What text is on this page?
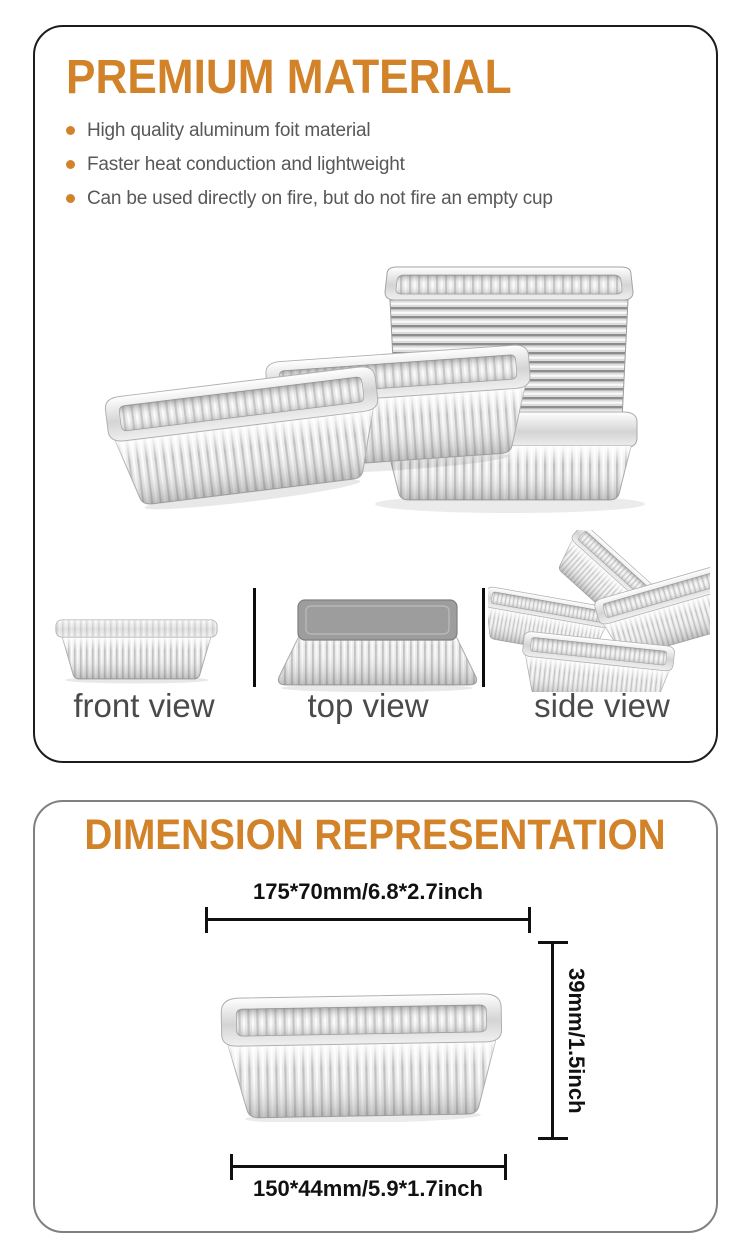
PREMIUM MATERIAL
High quality aluminum foit material
Faster heat conduction and lightweight
Can be used directly on fire, but do not fire an empty cup
front view	top view	side view
DIMENSION REPRESENTATION
175*70mm/6.8*2.7inch
39mm/1.5inch
150*44mm/5.9*1.7inch
